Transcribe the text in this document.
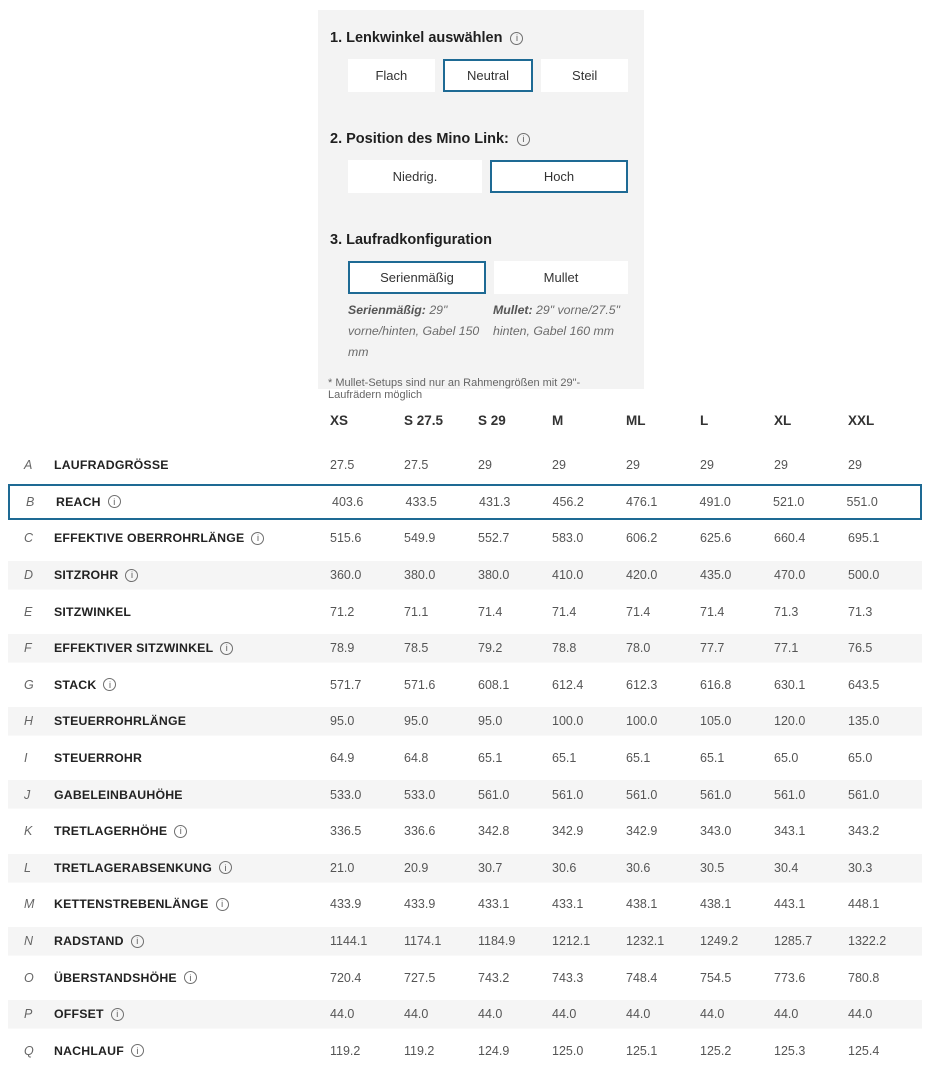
1. Lenkwinkel auswählen
i
Flach	Neutral	Steil
2. Position des Mino Link:
i
Niedrig.	Hoch
3. Laufradkonfiguration
Serienmäßig	Mullet
Serienmäßig: 29" vorne/hinten, Gabel 150 mm
Mullet: 29" vorne/27.5" hinten, Gabel 160 mm
* Mullet-Setups sind nur an Rahmengrößen mit 29"-Laufrädern möglich
XS	S 27.5	S 29	M	ML	L	XL	XXL
A	LAUFRADGRÖSSE	27.5	27.5	29	29	29	29	29	29
B	REACH i	403.6	433.5	431.3	456.2	476.1	491.0	521.0	551.0
C	EFFEKTIVE OBERROHRLÄNGE i	515.6	549.9	552.7	583.0	606.2	625.6	660.4	695.1
D	SITZROHR i	360.0	380.0	380.0	410.0	420.0	435.0	470.0	500.0
E	SITZWINKEL	71.2	71.1	71.4	71.4	71.4	71.4	71.3	71.3
F	EFFEKTIVER SITZWINKEL i	78.9	78.5	79.2	78.8	78.0	77.7	77.1	76.5
G	STACK i	571.7	571.6	608.1	612.4	612.3	616.8	630.1	643.5
H	STEUERROHRLÄNGE	95.0	95.0	95.0	100.0	100.0	105.0	120.0	135.0
I	STEUERROHR	64.9	64.8	65.1	65.1	65.1	65.1	65.0	65.0
J	GABELEINBAUHÖHE	533.0	533.0	561.0	561.0	561.0	561.0	561.0	561.0
K	TRETLAGERHÖHE i	336.5	336.6	342.8	342.9	342.9	343.0	343.1	343.2
L	TRETLAGERABSENKUNG i	21.0	20.9	30.7	30.6	30.6	30.5	30.4	30.3
M	KETTENSTREBENLÄNGE i	433.9	433.9	433.1	433.1	438.1	438.1	443.1	448.1
N	RADSTAND i	1144.1	1174.1	1184.9	1212.1	1232.1	1249.2	1285.7	1322.2
O	ÜBERSTANDSHÖHE i	720.4	727.5	743.2	743.3	748.4	754.5	773.6	780.8
P	OFFSET i	44.0	44.0	44.0	44.0	44.0	44.0	44.0	44.0
Q	NACHLAUF i	119.2	119.2	124.9	125.0	125.1	125.2	125.3	125.4
